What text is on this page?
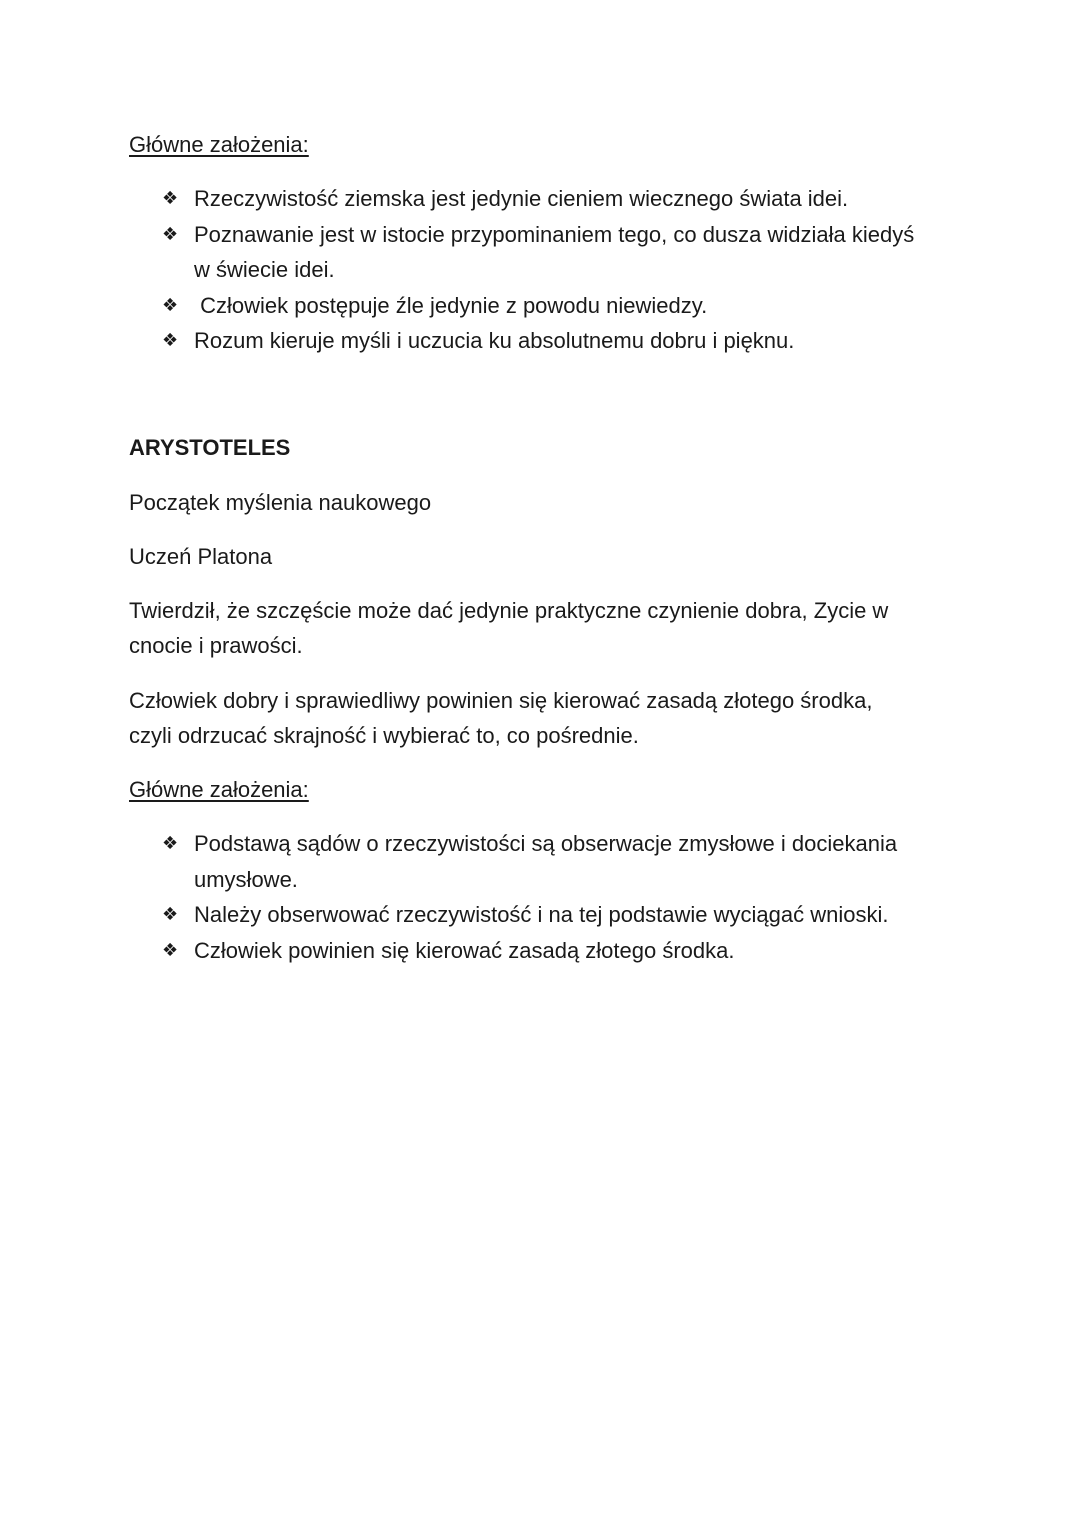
Główne założenia:
❖ Rzeczywistość ziemska jest jedynie cieniem wiecznego świata idei.
❖ Poznawanie jest w istocie przypominaniem tego, co dusza widziała kiedyś
w świecie idei.
❖ Człowiek postępuje źle jedynie z powodu niewiedzy.
❖ Rozum kieruje myśli i uczucia ku absolutnemu dobru i pięknu.
ARYSTOTELES
Początek myślenia naukowego
Uczeń Platona
Twierdził, że szczęście może dać jedynie praktyczne czynienie dobra, Zycie w
cnocie i prawości.
Człowiek dobry i sprawiedliwy powinien się kierować zasadą złotego środka,
czyli odrzucać skrajność i wybierać to, co pośrednie.
Główne założenia:
❖ Podstawą sądów o rzeczywistości są obserwacje zmysłowe i dociekania
umysłowe.
❖ Należy obserwować rzeczywistość i na tej podstawie wyciągać wnioski.
❖ Człowiek powinien się kierować zasadą złotego środka.
